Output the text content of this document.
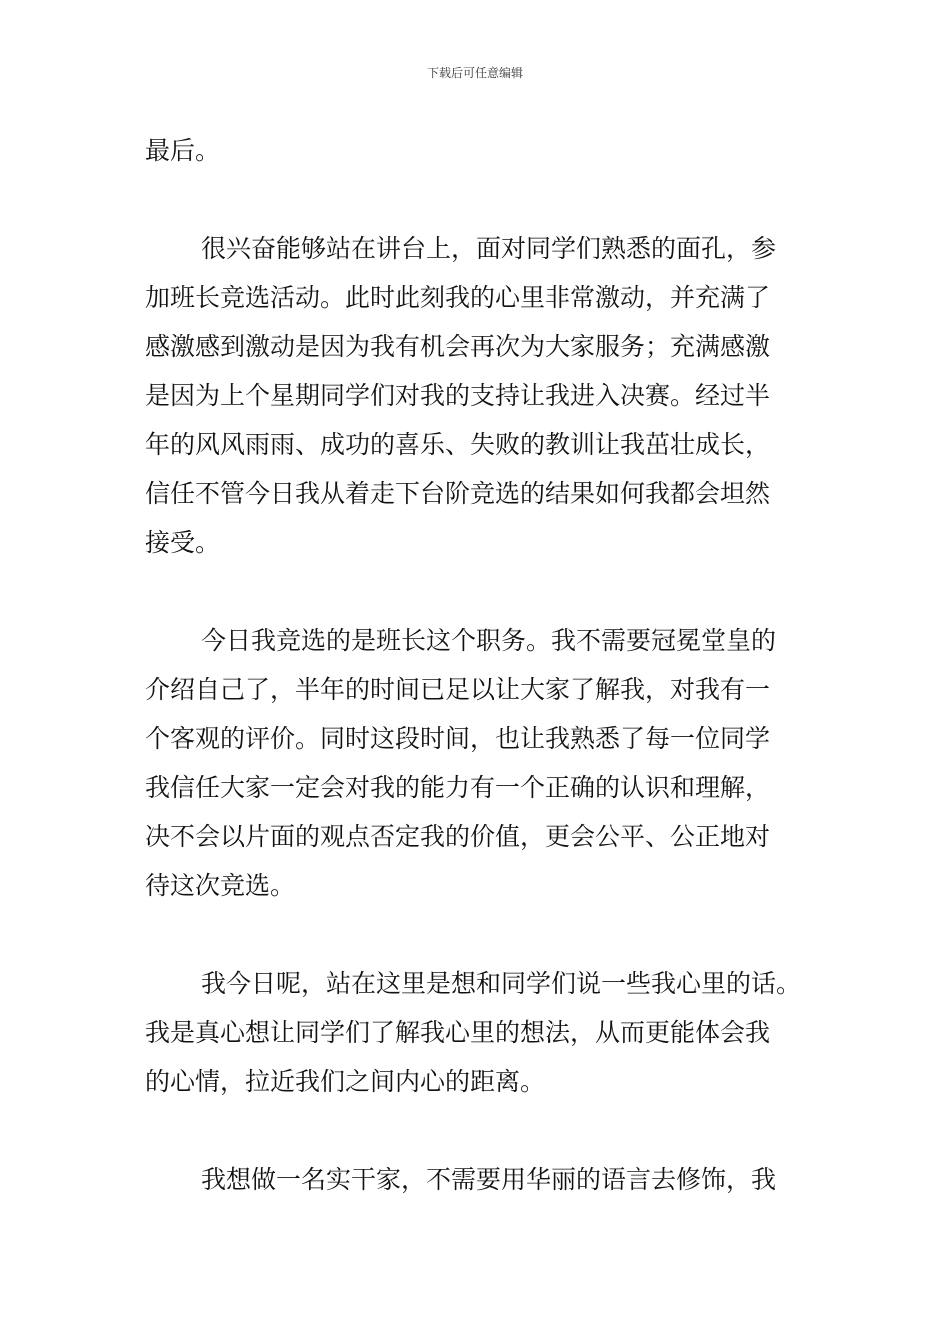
下载后可任意编辑
最后。
很兴奋能够站在讲台上，面对同学们熟悉的面孔，参
加班长竞选活动。此时此刻我的心里非常激动，并充满了
感激感到激动是因为我有机会再次为大家服务；充满感激
是因为上个星期同学们对我的支持让我进入决赛。经过半
年的风风雨雨、成功的喜乐、失败的教训让我茁壮成长，
信任不管今日我从着走下台阶竞选的结果如何我都会坦然
接受。
今日我竞选的是班长这个职务。我不需要冠冕堂皇的
介绍自己了，半年的时间已足以让大家了解我，对我有一
个客观的评价。同时这段时间，也让我熟悉了每一位同学
我信任大家一定会对我的能力有一个正确的认识和理解，
决不会以片面的观点否定我的价值，更会公平、公正地对
待这次竞选。
我今日呢，站在这里是想和同学们说一些我心里的话。
我是真心想让同学们了解我心里的想法，从而更能体会我
的心情，拉近我们之间内心的距离。
我想做一名实干家，不需要用华丽的语言去修饰，我
